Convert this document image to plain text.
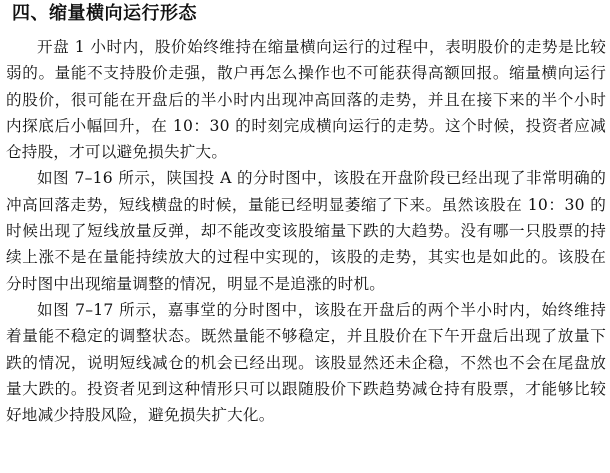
四、缩量横向运行形态

开盘 1 小时内，股价始终维持在缩量横向运行的过程中，表明股价的走势是比较弱的。量能不支持股价走强，散户再怎么操作也不可能获得高额回报。缩量横向运行的股价，很可能在开盘后的半小时内出现冲高回落的走势，并且在接下来的半个小时内探底后小幅回升，在 10：30 的时刻完成横向运行的走势。这个时候，投资者应减仓持股，才可以避免损失扩大。

如图 7–16 所示，陕国投 A 的分时图中，该股在开盘阶段已经出现了非常明确的冲高回落走势，短线横盘的时候，量能已经明显萎缩了下来。虽然该股在 10：30 的时候出现了短线放量反弹，却不能改变该股缩量下跌的大趋势。没有哪一只股票的持续上涨不是在量能持续放大的过程中实现的，该股的走势，其实也是如此的。该股在分时图中出现缩量调整的情况，明显不是追涨的时机。

如图 7–17 所示，嘉事堂的分时图中，该股在开盘后的两个半小时内，始终维持着量能不稳定的调整状态。既然量能不够稳定，并且股价在下午开盘后出现了放量下跌的情况，说明短线减仓的机会已经出现。该股显然还未企稳，不然也不会在尾盘放量大跌的。投资者见到这种情形只可以跟随股价下跌趋势减仓持有股票，才能够比较好地减少持股风险，避免损失扩大化。
